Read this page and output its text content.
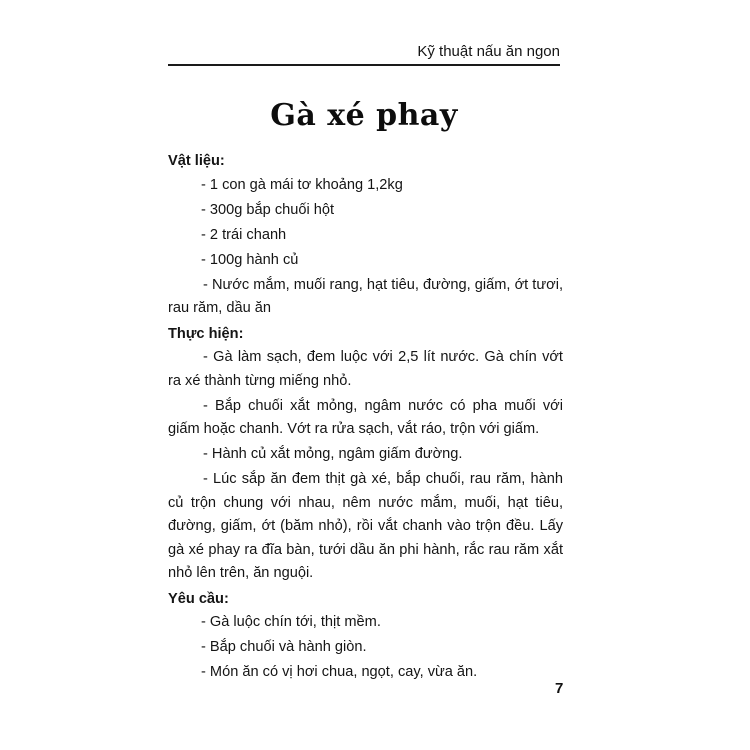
Kỹ thuật nấu ăn ngon
Gà xé phay

Vật liệu:

- 1 con gà mái tơ khoảng 1,2kg

- 300g bắp chuối hột

- 2 trái chanh

- 100g hành củ

- Nước mắm, muối rang, hạt tiêu, đường, giấm, ớt tươi, rau răm, dầu ăn

Thực hiện:

- Gà làm sạch, đem luộc với 2,5 lít nước. Gà chín vớt ra xé thành từng miếng nhỏ.

- Bắp chuối xắt mỏng, ngâm nước có pha muối với giấm hoặc chanh. Vớt ra rửa sạch, vắt ráo, trộn với giấm.

- Hành củ xắt mỏng, ngâm giấm đường.

- Lúc sắp ăn đem thịt gà xé, bắp chuối, rau răm, hành củ trộn chung với nhau, nêm nước mắm, muối, hạt tiêu, đường, giấm, ớt (băm nhỏ), rồi vắt chanh vào trộn đều. Lấy gà xé phay ra đĩa bàn, tưới dầu ăn phi hành, rắc rau răm xắt nhỏ lên trên, ăn nguội.

Yêu cầu:

- Gà luộc chín tới, thịt mềm.

- Bắp chuối và hành giòn.

- Món ăn có vị hơi chua, ngọt, cay, vừa ăn.

7
